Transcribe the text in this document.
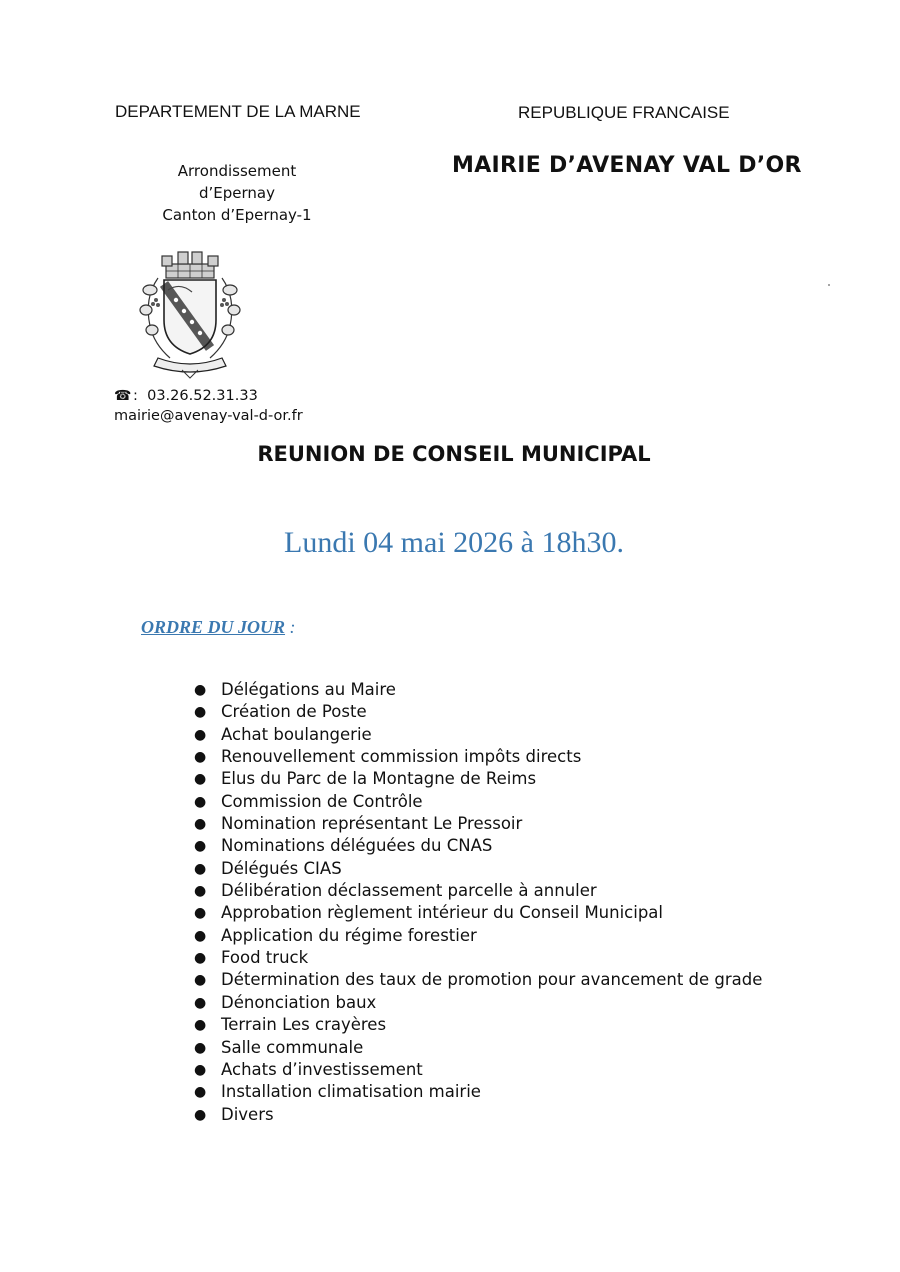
DEPARTEMENT DE LA MARNE	REPUBLIQUE FRANCAISE
Arrondissement d’Epernay
Canton d’Epernay-1
MAIRIE D’AVENAY VAL D’OR
☎ : 03.26.52.31.33
mairie@avenay-val-d-or.fr
REUNION DE CONSEIL MUNICIPAL
Lundi 04 mai 2026 à 18h30.
ORDRE DU JOUR :
● Délégations au Maire
● Création de Poste
● Achat boulangerie
● Renouvellement commission impôts directs
● Elus du Parc de la Montagne de Reims
● Commission de Contrôle
● Nomination représentant Le Pressoir
● Nominations déléguées du CNAS
● Délégués CIAS
● Délibération déclassement parcelle à annuler
● Approbation règlement intérieur du Conseil Municipal
● Application du régime forestier
● Food truck
● Détermination des taux de promotion pour avancement de grade
● Dénonciation baux
● Terrain Les crayères
● Salle communale
● Achats d’investissement
● Installation climatisation mairie
● Divers
